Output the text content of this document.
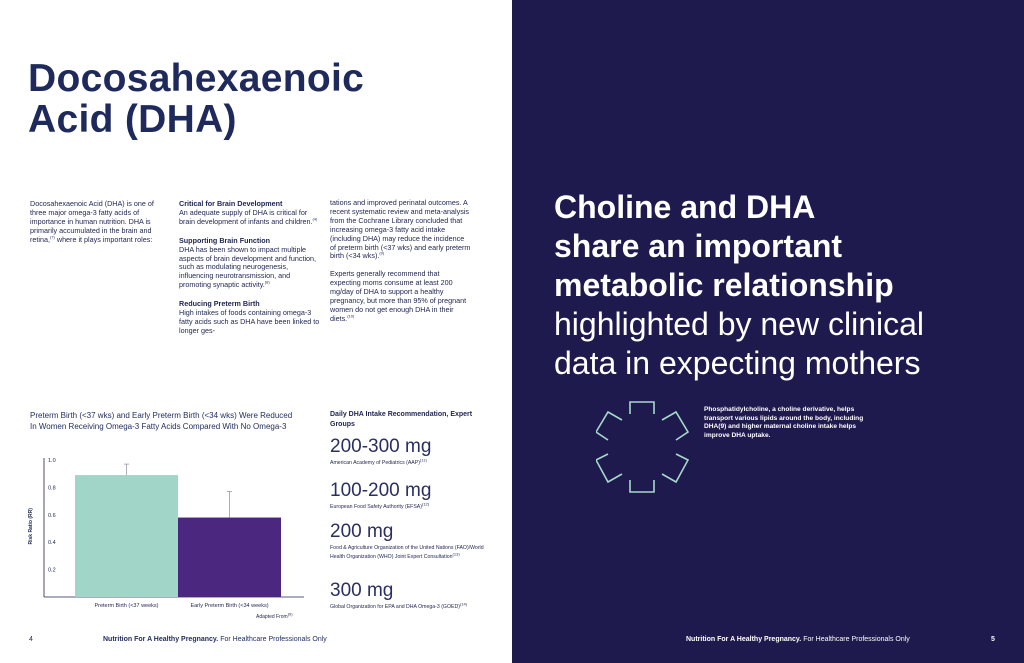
Docosahexaenoic
Acid (DHA)

Docosahexaenoic Acid (DHA) is one of three major omega-3 fatty acids of importance in human nutrition. DHA is primarily accumulated in the brain and retina,$^{(7)}$ where it plays important roles:

Critical for Brain Development
An adequate supply of DHA is critical for brain development of infants and children.$^{(4)}$
Supporting Brain Function
DHA has been shown to impact multiple aspects of brain development and function, such as modulating neurogenesis, influencing neurotransmission, and promoting synaptic activity.$^{(8)}$
Reducing Preterm Birth
High intakes of foods containing omega-3 fatty acids such as DHA have been linked to longer ges-

tations and improved perinatal outcomes. A recent systematic review and meta-analysis from the Cochrane Library concluded that increasing omega-3 fatty acid intake (including DHA) may reduce the incidence of preterm birth (<37 wks) and early preterm birth (<34 wks).$^{(9)}$

Experts generally recommend that expecting moms consume at least 200 mg/day of DHA to support a healthy pregnancy, but more than 95% of pregnant women do not get enough DHA in their diets.$^{(10)}$

Preterm Birth (<37 wks) and Early Preterm Birth (<34 wks) Were Reduced In Women Receiving Omega-3 Fatty Acids Compared With No Omega-3
0.2
0.4
0.6
0.8
1.0
Risk Ratio (RR)
Preterm Birth (<37 weeks)	Early Preterm Birth (<34 weeks)
Adapted From$^{(9)}$
Daily DHA Intake Recommendation, Expert Groups
200-300 mg
American Academy of Pediatrics (AAP)$^{(11)}$
100-200 mg
European Food Safety Authority (EFSA)$^{(12)}$
200 mg
Food & Agriculture Organization of the United Nations (FAO)/World Health Organization (WHO) Joint Expert Consultation$^{(13)}$
300 mg
Global Organization for EPA and DHA Omega-3 (GOED)$^{(14)}$
4	Nutrition For A Healthy Pregnancy. For Healthcare Professionals Only
Choline and DHA
share an important
metabolic relationship
highlighted by new clinical
data in expecting mothers
Phosphatidylcholine, a choline derivative, helps transport various lipids around the body, including DHA(9) and higher maternal choline intake helps improve DHA uptake.
Nutrition For A Healthy Pregnancy. For Healthcare Professionals Only	5
